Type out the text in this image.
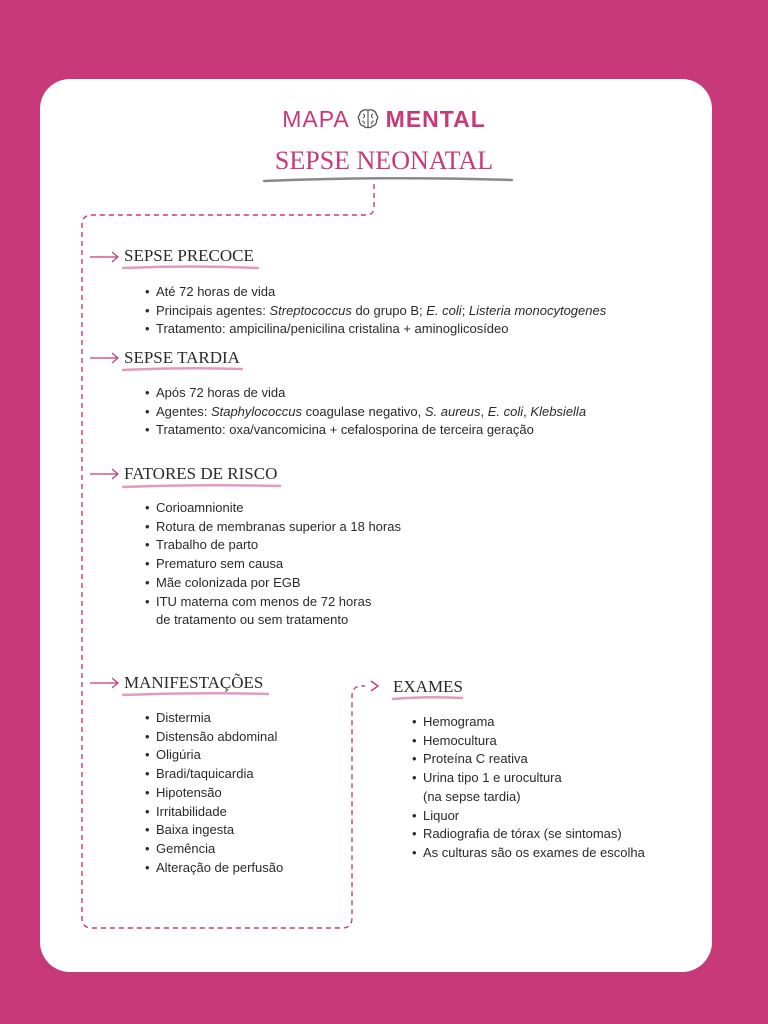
MAPA MENTAL
SEPSE NEONATAL
SEPSE PRECOCE
• Até 72 horas de vida
• Principais agentes: Streptococcus do grupo B; E. coli; Listeria monocytogenes
• Tratamento: ampicilina/penicilina cristalina + aminoglicosídeo
SEPSE TARDIA
• Após 72 horas de vida
• Agentes: Staphylococcus coagulase negativo, S. aureus, E. coli, Klebsiella
• Tratamento: oxa/vancomicina + cefalosporina de terceira geração
FATORES DE RISCO
• Corioamnionite
• Rotura de membranas superior a 18 horas
• Trabalho de parto
• Prematuro sem causa
• Mãe colonizada por EGB
• ITU materna com menos de 72 horas
de tratamento ou sem tratamento
MANIFESTAÇÕES
• Distermia
• Distensão abdominal
• Oligúria
• Bradi/taquicardia
• Hipotensão
• Irritabilidade
• Baixa ingesta
• Gemência
• Alteração de perfusão
EXAMES
• Hemograma
• Hemocultura
• Proteína C reativa
• Urina tipo 1 e urocultura
(na sepse tardia)
• Liquor
• Radiografia de tórax (se sintomas)
• As culturas são os exames de escolha
